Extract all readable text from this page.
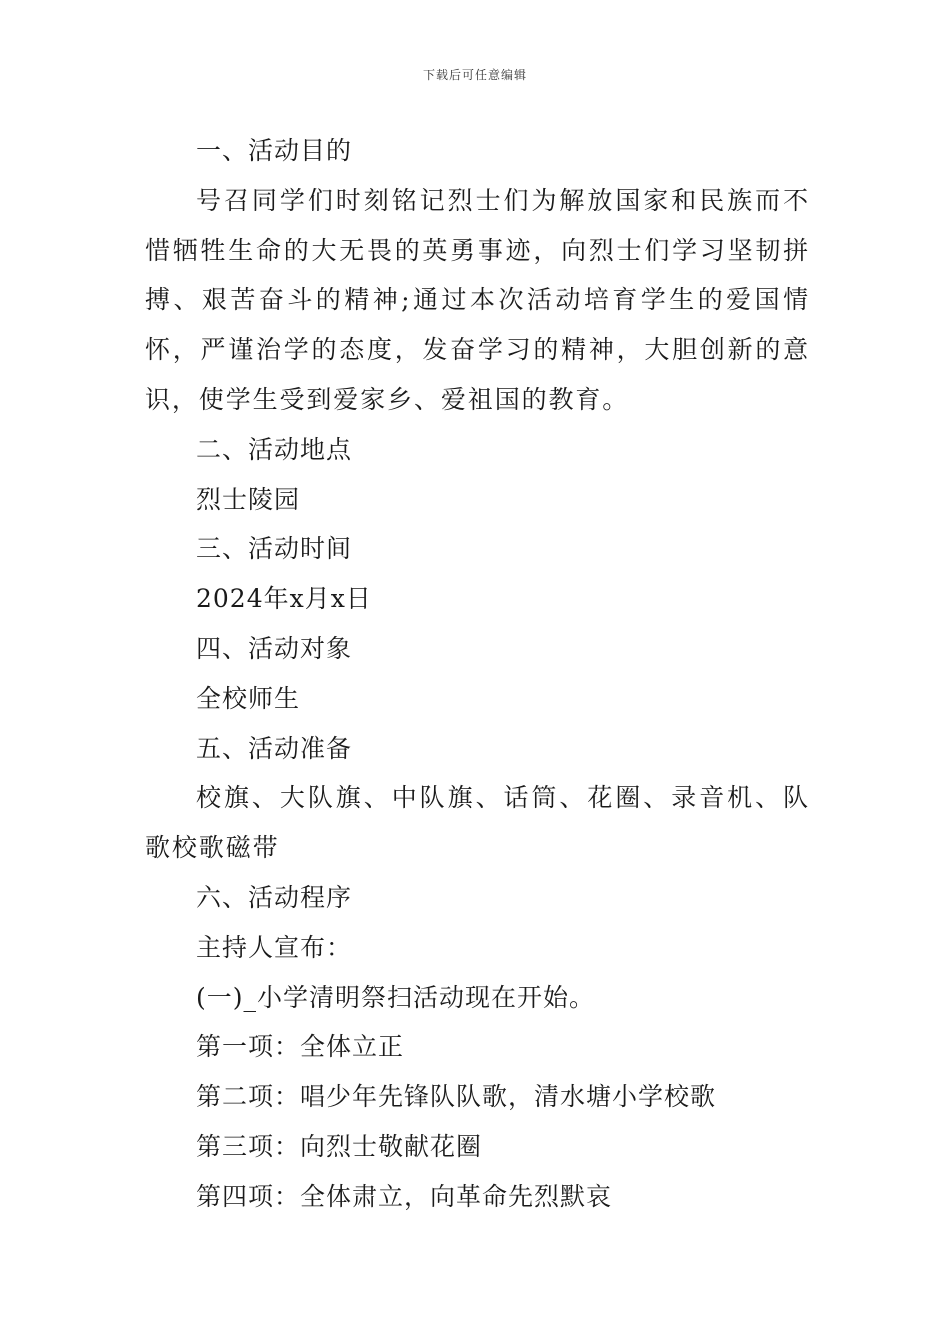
下载后可任意编辑
一、活动目的
号召同学们时刻铭记烈士们为解放国家和民族而不惜牺牲生命的大无畏的英勇事迹，向烈士们学习坚韧拼搏、艰苦奋斗的精神;通过本次活动培育学生的爱国情怀，严谨治学的态度，发奋学习的精神，大胆创新的意识，使学生受到爱家乡、爱祖国的教育。
二、活动地点
烈士陵园
三、活动时间
2024年x月x日
四、活动对象
全校师生
五、活动准备
校旗、大队旗、中队旗、话筒、花圈、录音机、队歌校歌磁带
六、活动程序
主持人宣布：
(一)_小学清明祭扫活动现在开始。
第一项：全体立正
第二项：唱少年先锋队队歌，清水塘小学校歌
第三项：向烈士敬献花圈
第四项：全体肃立，向革命先烈默哀
